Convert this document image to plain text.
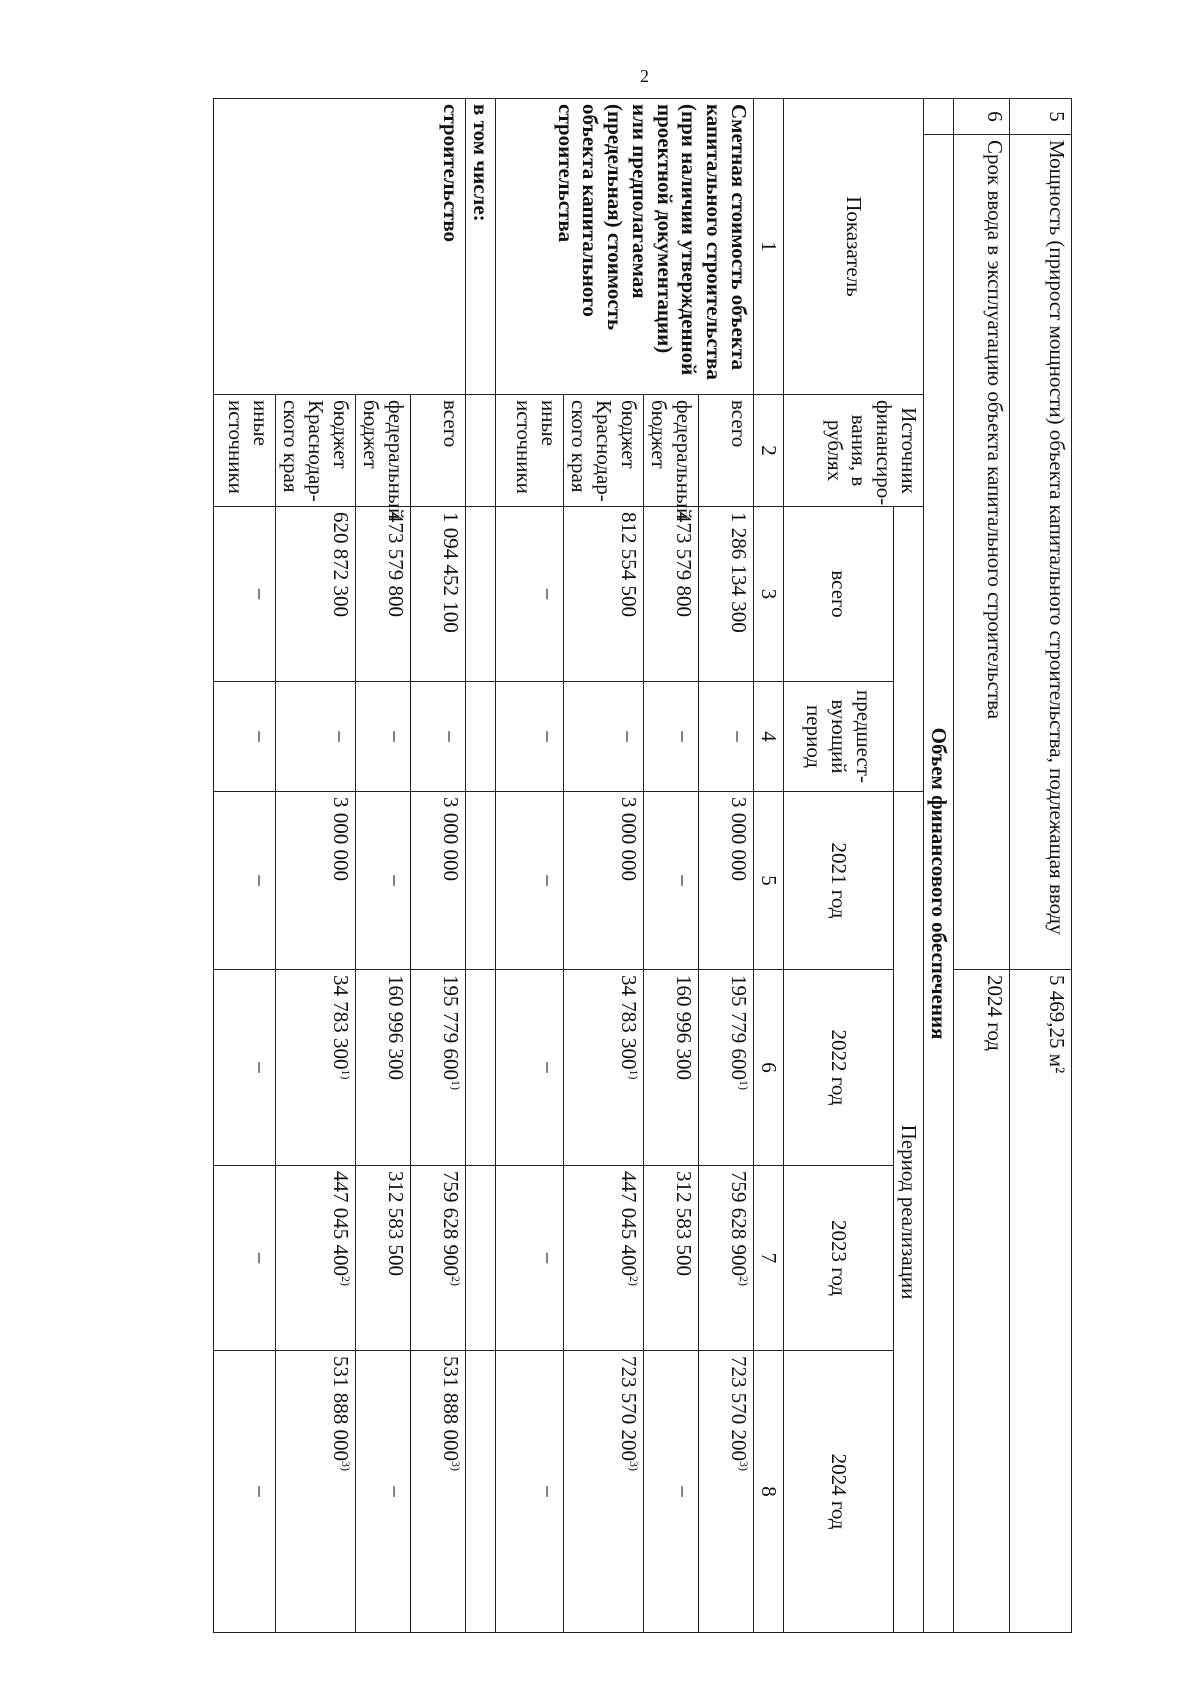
2
5	Мощность (прирост мощности) объекта капитального строительства, подлежащая вводу					5 469,25 м²		
6	Срок ввода в эксплуатацию объекта капитального строительства					2024 год		
	Объем финансового обеспечения							
Показатель		Источник финансиро-вания, в рублях			Период реализации			

			всего	предшест-вующий период	2021 год	2022 год	2023 год	2024 год
1		2	3	4	5	6	7	8
Сметная стоимость объекта капитального строительства (при наличии утвержденной проектной документации) или предполагаемая (предельная) стоимость объекта капитального строительства		всего	1 286 134 300	–	3 000 000	195 779 600$^{1)}$	759 628 900$^{2)}$	723 570 200$^{3)}$
		федеральный бюджет	473 579 800	–	–	160 996 300	312 583 500	–
		бюджет Краснодар-ского края	812 554 500	–	3 000 000	34 783 300$^{1)}$	447 045 400$^{2)}$	723 570 200$^{3)}$
		иные источники	–	–	–	–	–	–
в том числе:								
строительство		всего	1 094 452 100	–	3 000 000	195 779 600$^{1)}$	759 628 900$^{2)}$	531 888 000$^{3)}$
		федеральный бюджет	473 579 800	–	–	160 996 300	312 583 500	–
		бюджет Краснодар-ского края	620 872 300	–	3 000 000	34 783 300$^{1)}$	447 045 400$^{2)}$	531 888 000$^{3)}$
		иные источники	–	–	–	–	–	–
